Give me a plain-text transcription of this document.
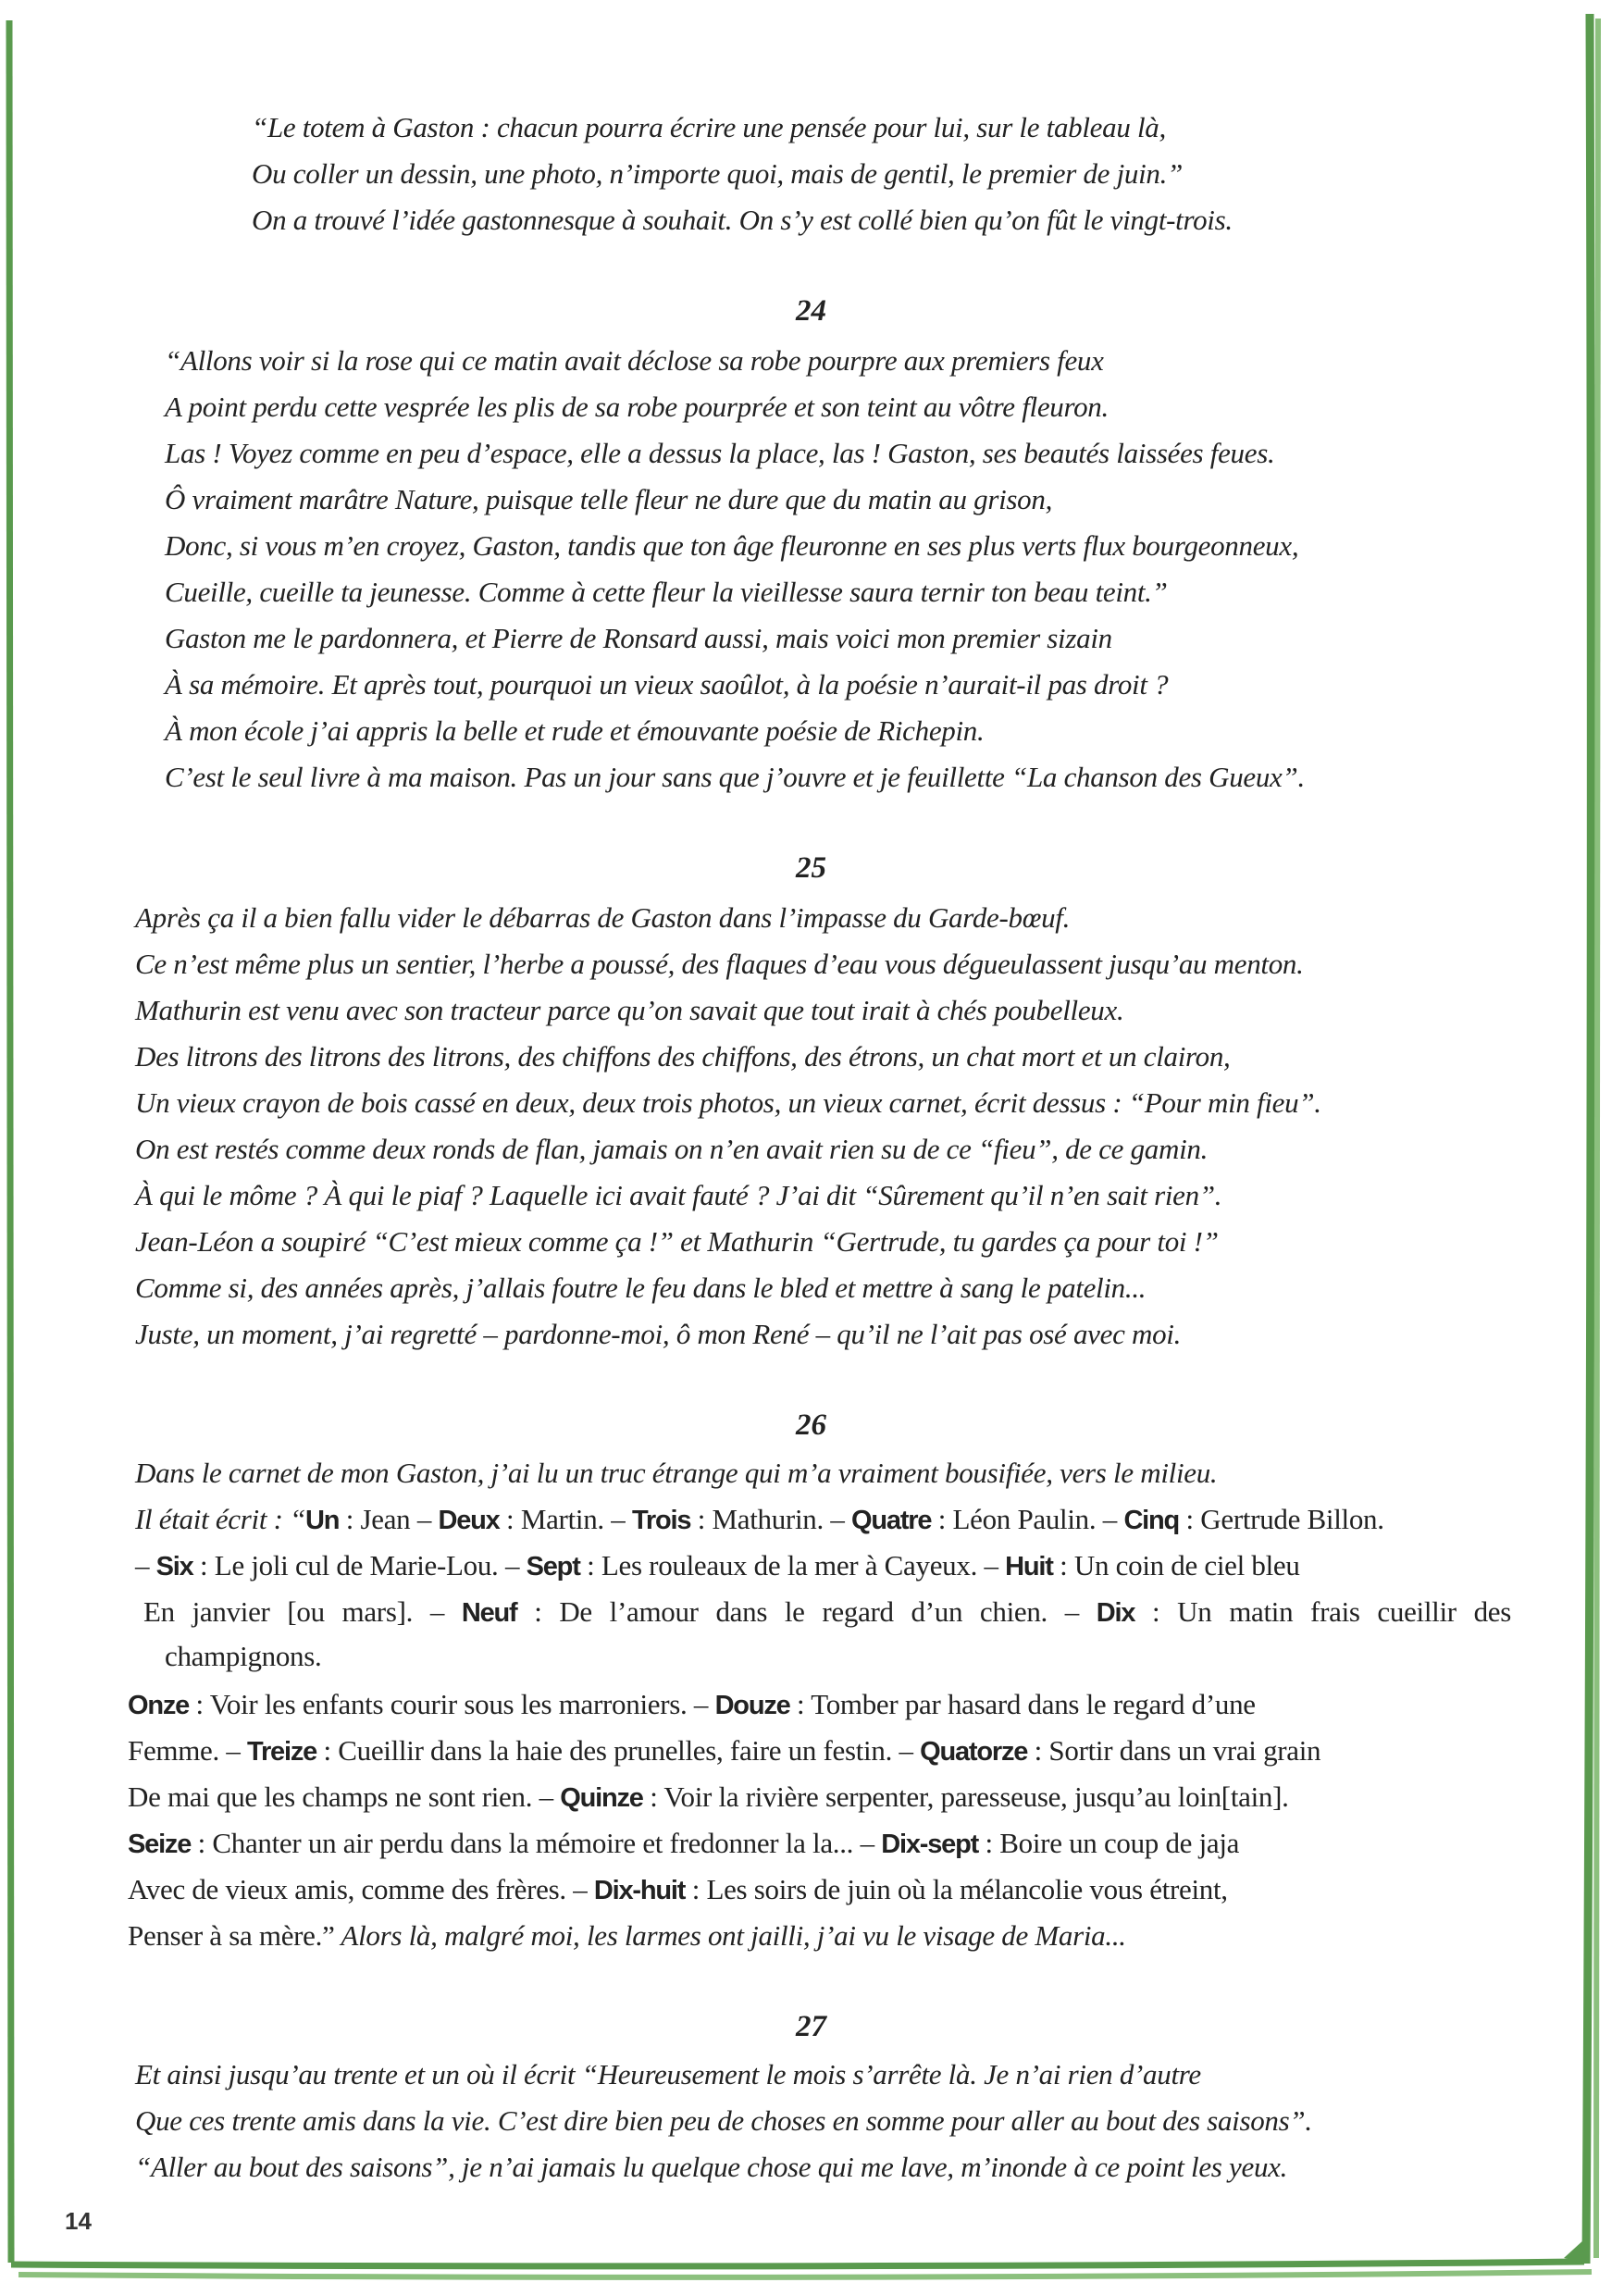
“Le totem à Gaston : chacun pourra écrire une pensée pour lui, sur le tableau là,
Ou coller un dessin, une photo, n’importe quoi, mais de gentil, le premier de juin.”
On a trouvé l’idée gastonnesque à souhait. On s’y est collé bien qu’on fût le vingt-trois.
24
“Allons voir si la rose qui ce matin avait déclose sa robe pourpre aux premiers feux
A point perdu cette vesprée les plis de sa robe pourprée et son teint au vôtre fleuron.
Las ! Voyez comme en peu d’espace, elle a dessus la place, las ! Gaston, ses beautés laissées feues.
Ô vraiment marâtre Nature, puisque telle fleur ne dure que du matin au grison,
Donc, si vous m’en croyez, Gaston, tandis que ton âge fleuronne en ses plus verts flux bourgeonneux,
Cueille, cueille ta jeunesse. Comme à cette fleur la vieillesse saura ternir ton beau teint.”
Gaston me le pardonnera, et Pierre de Ronsard aussi, mais voici mon premier sizain
À sa mémoire. Et après tout, pourquoi un vieux saoûlot, à la poésie n’aurait-il pas droit ?
À mon école j’ai appris la belle et rude et émouvante poésie de Richepin.
C’est le seul livre à ma maison. Pas un jour sans que j’ouvre et je feuillette “La chanson des Gueux”.
25
Après ça il a bien fallu vider le débarras de Gaston dans l’impasse du Garde-bœuf.
Ce n’est même plus un sentier, l’herbe a poussé, des flaques d’eau vous dégueulassent jusqu’au menton.
Mathurin est venu avec son tracteur parce qu’on savait que tout irait à chés poubelleux.
Des litrons des litrons des litrons, des chiffons des chiffons, des étrons, un chat mort et un clairon,
Un vieux crayon de bois cassé en deux, deux trois photos, un vieux carnet, écrit dessus : “Pour min fieu”.
On est restés comme deux ronds de flan, jamais on n’en avait rien su de ce “fieu”, de ce gamin.
À qui le môme ? À qui le piaf ? Laquelle ici avait fauté ? J’ai dit “Sûrement qu’il n’en sait rien”.
Jean-Léon a soupiré “C’est mieux comme ça !” et Mathurin “Gertrude, tu gardes ça pour toi !”
Comme si, des années après, j’allais foutre le feu dans le bled et mettre à sang le patelin...
Juste, un moment, j’ai regretté – pardonne-moi, ô mon René – qu’il ne l’ait pas osé avec moi.
26
Dans le carnet de mon Gaston, j’ai lu un truc étrange qui m’a vraiment bousifiée, vers le milieu.
Il était écrit : “Un : Jean – Deux : Martin. – Trois : Mathurin. – Quatre : Léon Paulin. – Cinq : Gertrude Billon.
– Six : Le joli cul de Marie-Lou. – Sept : Les rouleaux de la mer à Cayeux. – Huit : Un coin de ciel bleu
En janvier [ou mars]. – Neuf : De l’amour dans le regard d’un chien. – Dix : Un matin frais cueillir des
champignons.
Onze : Voir les enfants courir sous les marroniers. – Douze : Tomber par hasard dans le regard d’une
Femme. – Treize : Cueillir dans la haie des prunelles, faire un festin. – Quatorze : Sortir dans un vrai grain
De mai que les champs ne sont rien. – Quinze : Voir la rivière serpenter, paresseuse, jusqu’au loin[tain].
Seize : Chanter un air perdu dans la mémoire et fredonner la la... – Dix-sept : Boire un coup de jaja
Avec de vieux amis, comme des frères. – Dix-huit : Les soirs de juin où la mélancolie vous étreint,
Penser à sa mère.” Alors là, malgré moi, les larmes ont jailli, j’ai vu le visage de Maria...
27
Et ainsi jusqu’au trente et un où il écrit “Heureusement le mois s’arrête là. Je n’ai rien d’autre
Que ces trente amis dans la vie. C’est dire bien peu de choses en somme pour aller au bout des saisons”.
“Aller au bout des saisons”, je n’ai jamais lu quelque chose qui me lave, m’inonde à ce point les yeux.
14
